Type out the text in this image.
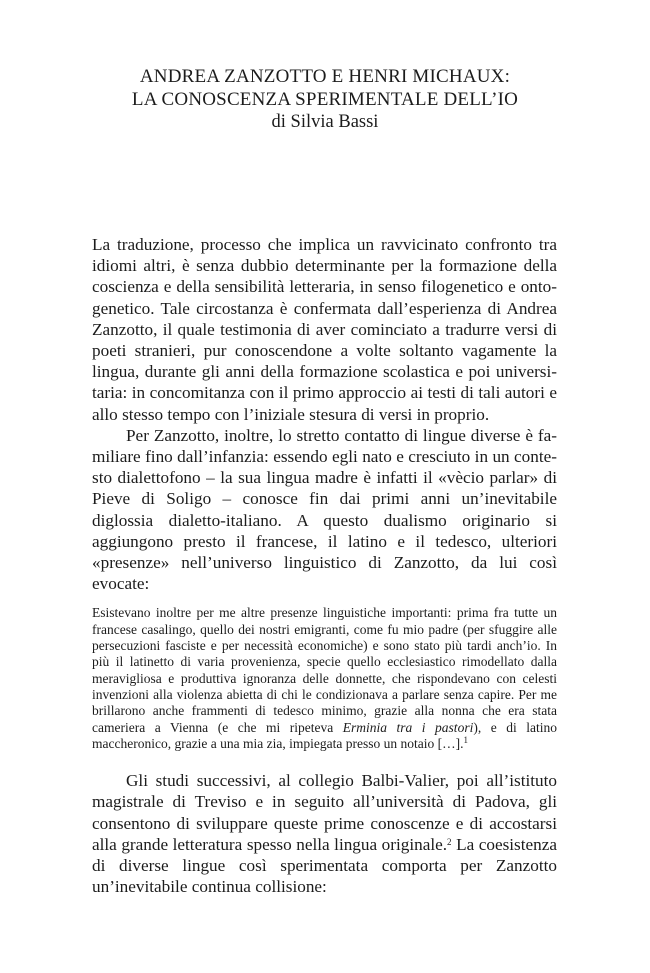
ANDREA ZANZOTTO E HENRI MICHAUX:
LA CONOSCENZA SPERIMENTALE DELL’IO
di Silvia Bassi

La traduzione, processo che implica un ravvicinato confronto tra idiomi altri, è senza dubbio determinante per la formazione della coscienza e della sensibilità letteraria, in senso filogenetico e ontogenetico. Tale circostanza è confermata dall’esperienza di Andrea Zanzotto, il quale testimonia di aver cominciato a tradurre versi di poeti stranieri, pur conoscendone a volte soltanto vagamente la lingua, durante gli anni della formazione scolastica e poi universitaria: in concomitanza con il primo approccio ai testi di tali autori e allo stesso tempo con l’iniziale stesura di versi in proprio.

Per Zanzotto, inoltre, lo stretto contatto di lingue diverse è familiare fino dall’infanzia: essendo egli nato e cresciuto in un contesto dialettofono – la sua lingua madre è infatti il «vècio parlar» di Pieve di Soligo – conosce fin dai primi anni un’inevitabile diglossia dialetto-italiano. A questo dualismo originario si aggiungono presto il francese, il latino e il tedesco, ulteriori «presenze» nell’universo linguistico di Zanzotto, da lui così evocate:

Esistevano inoltre per me altre presenze linguistiche importanti: prima fra tutte un francese casalingo, quello dei nostri emigranti, come fu mio padre (per sfuggire alle persecuzioni fasciste e per necessità economiche) e sono stato più tardi anch’io. In più il latinetto di varia provenienza, specie quello ecclesiastico rimodellato dalla meravigliosa e produttiva ignoranza delle donnette, che rispondevano con celesti invenzioni alla violenza abietta di chi le condizionava a parlare senza capire. Per me brillarono anche frammenti di tedesco minimo, grazie alla nonna che era stata cameriera a Vienna (e che mi ripeteva Erminia tra i pastori), e di latino maccheronico, grazie a una mia zia, impiegata presso un notaio […].$^1$

Gli studi successivi, al collegio Balbi-Valier, poi all’istituto magistrale di Treviso e in seguito all’università di Padova, gli consentono di sviluppare queste prime conoscenze e di accostarsi alla grande letteratura spesso nella lingua originale.$^2$ La coesistenza di diverse lingue così sperimentata comporta per Zanzotto un’inevitabile continua collisione:
